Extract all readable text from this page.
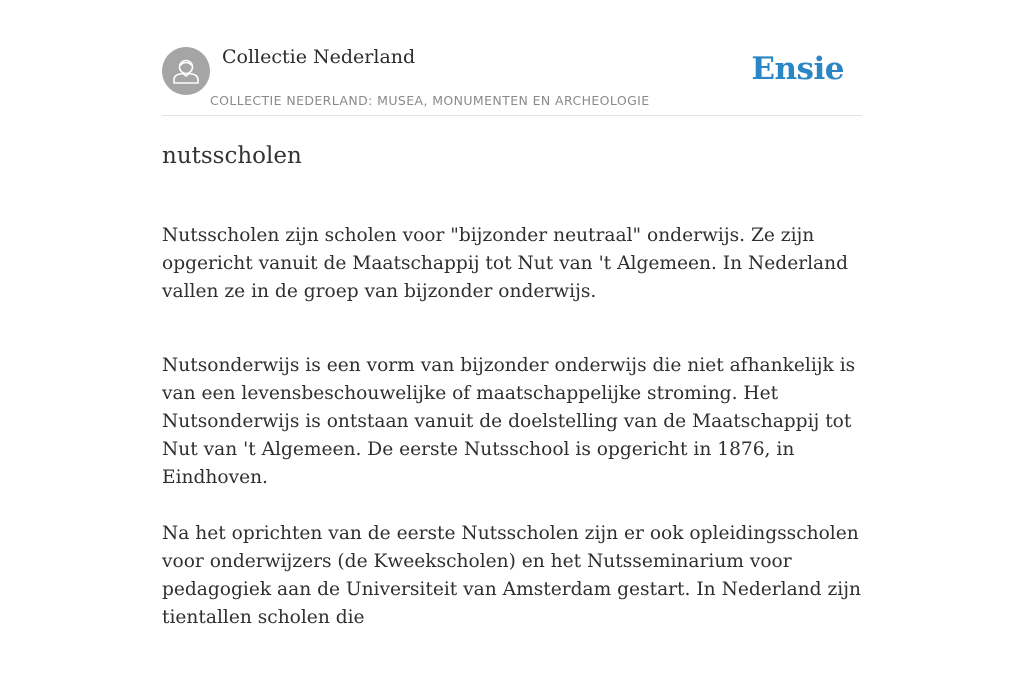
Collectie Nederland
COLLECTIE NEDERLAND: MUSEA, MONUMENTEN EN ARCHEOLOGIE
Ensie
nutsscholen

Nutsscholen zijn scholen voor "bijzonder neutraal" onderwijs. Ze zijn opgericht vanuit de Maatschappij tot Nut van 't Algemeen. In Nederland vallen ze in de groep van bijzonder onderwijs.

Nutsonderwijs is een vorm van bijzonder onderwijs die niet afhankelijk is van een levensbeschouwelijke of maatschappelijke stroming. Het Nutsonderwijs is ontstaan vanuit de doelstelling van de Maatschappij tot Nut van 't Algemeen. De eerste Nutsschool is opgericht in 1876, in Eindhoven.

Na het oprichten van de eerste Nutsscholen zijn er ook opleidingsscholen voor onderwijzers (de Kweekscholen) en het Nutsseminarium voor pedagogiek aan de Universiteit van Amsterdam gestart. In Nederland zijn tientallen scholen die
